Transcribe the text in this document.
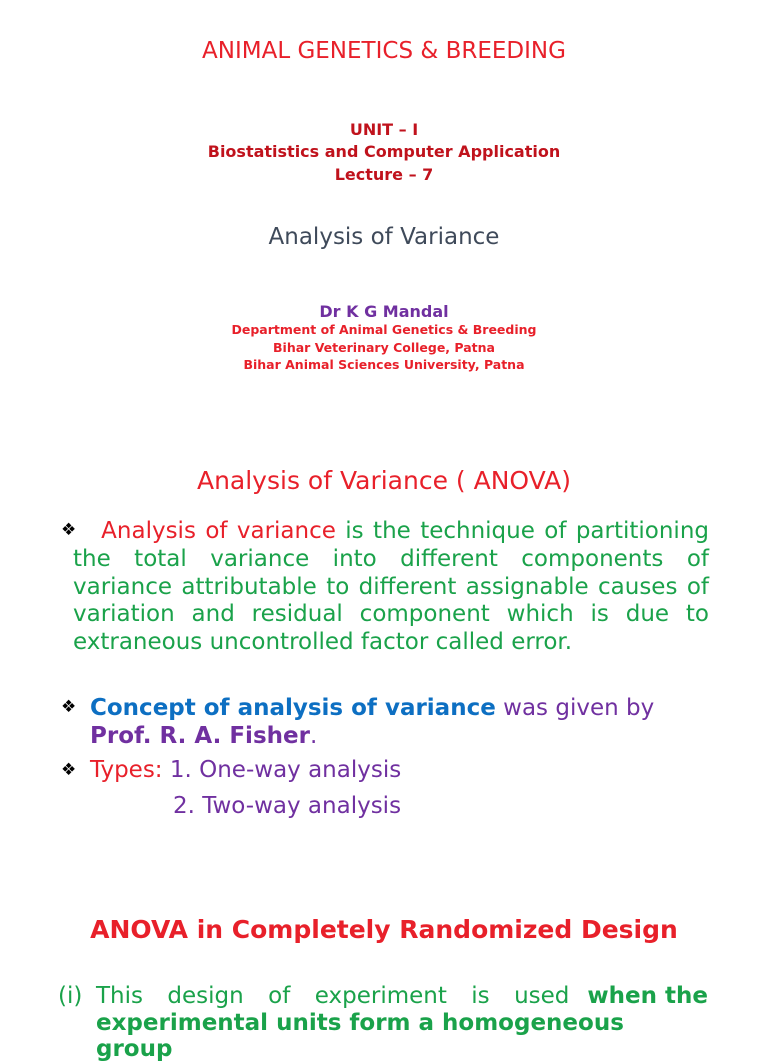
ANIMAL GENETICS & BREEDING
UNIT – I
Biostatistics and Computer Application
Lecture – 7
Analysis of Variance
Dr K G Mandal
Department of Animal Genetics & Breeding
Bihar Veterinary College, Patna
Bihar Animal Sciences University, Patna
Analysis of Variance ( ANOVA)
❖	Analysis of variance is the technique of partitioning the total variance into different components of variance attributable to different assignable causes of variation and residual component which is due to extraneous uncontrolled factor called error.
❖ Concept of analysis of variance was given by Prof. R. A. Fisher.
❖ Types: 1. One-way analysis
2. Two-way analysis
ANOVA in Completely Randomized Design
(i) This design of experiment is used when the
experimental units form a homogeneous group
